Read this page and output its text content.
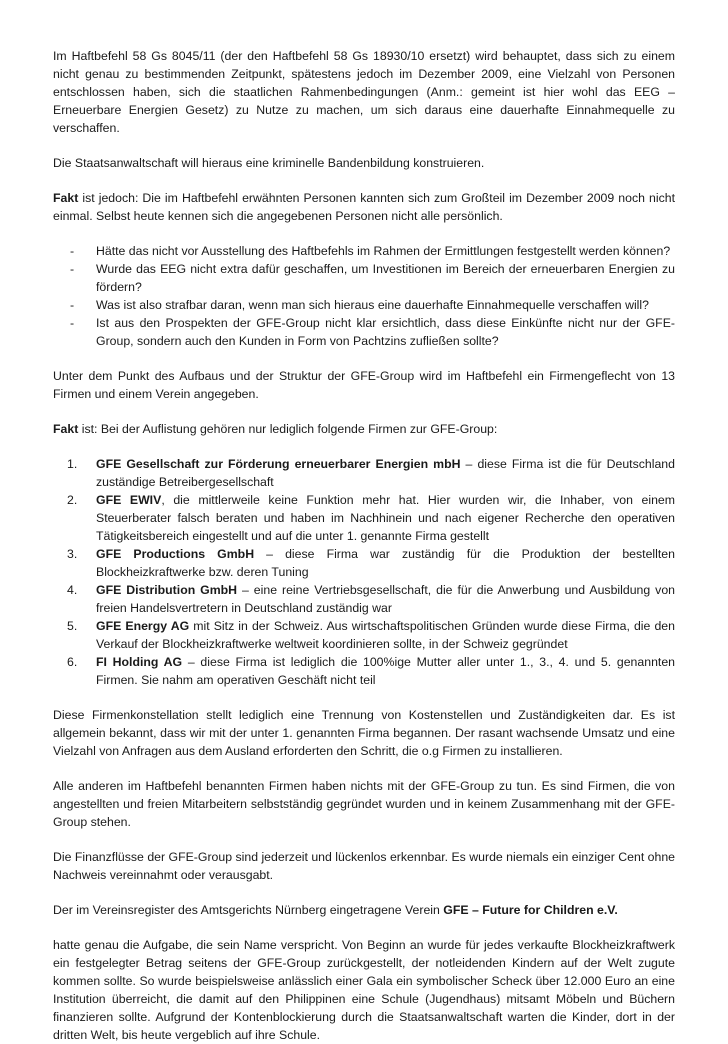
Im Haftbefehl 58 Gs 8045/11 (der den Haftbefehl 58 Gs 18930/10 ersetzt) wird behauptet, dass sich zu einem nicht genau zu bestimmenden Zeitpunkt, spätestens jedoch im Dezember 2009, eine Vielzahl von Personen entschlossen haben, sich die staatlichen Rahmenbedingungen (Anm.: gemeint ist hier wohl das EEG – Erneuerbare Energien Gesetz) zu Nutze zu machen, um sich daraus eine dauerhafte Einnahmequelle zu verschaffen.

Die Staatsanwaltschaft will hieraus eine kriminelle Bandenbildung konstruieren.

Fakt ist jedoch: Die im Haftbefehl erwähnten Personen kannten sich zum Großteil im Dezember 2009 noch nicht einmal. Selbst heute kennen sich die angegebenen Personen nicht alle persönlich.

- Hätte das nicht vor Ausstellung des Haftbefehls im Rahmen der Ermittlungen festgestellt werden können?
- Wurde das EEG nicht extra dafür geschaffen, um Investitionen im Bereich der erneuerbaren Energien zu fördern?
- Was ist also strafbar daran, wenn man sich hieraus eine dauerhafte Einnahmequelle verschaffen will?
- Ist aus den Prospekten der GFE-Group nicht klar ersichtlich, dass diese Einkünfte nicht nur der GFE-Group, sondern auch den Kunden in Form von Pachtzins zufließen sollte?

Unter dem Punkt des Aufbaus und der Struktur der GFE-Group wird im Haftbefehl ein Firmengeflecht von 13 Firmen und einem Verein angegeben.

Fakt ist: Bei der Auflistung gehören nur lediglich folgende Firmen zur GFE-Group:

1. GFE Gesellschaft zur Förderung erneuerbarer Energien mbH – diese Firma ist die für Deutschland zuständige Betreibergesellschaft
2. GFE EWIV, die mittlerweile keine Funktion mehr hat. Hier wurden wir, die Inhaber, von einem Steuerberater falsch beraten und haben im Nachhinein und nach eigener Recherche den operativen Tätigkeitsbereich eingestellt und auf die unter 1. genannte Firma gestellt
3. GFE Productions GmbH – diese Firma war zuständig für die Produktion der bestellten Blockheizkraftwerke bzw. deren Tuning
4. GFE Distribution GmbH – eine reine Vertriebsgesellschaft, die für die Anwerbung und Ausbildung von freien Handelsvertretern in Deutschland zuständig war
5. GFE Energy AG mit Sitz in der Schweiz. Aus wirtschaftspolitischen Gründen wurde diese Firma, die den Verkauf der Blockheizkraftwerke weltweit koordinieren sollte, in der Schweiz gegründet
6. FI Holding AG – diese Firma ist lediglich die 100%ige Mutter aller unter 1., 3., 4. und 5. genannten Firmen. Sie nahm am operativen Geschäft nicht teil

Diese Firmenkonstellation stellt lediglich eine Trennung von Kostenstellen und Zuständigkeiten dar. Es ist allgemein bekannt, dass wir mit der unter 1. genannten Firma begannen. Der rasant wachsende Umsatz und eine Vielzahl von Anfragen aus dem Ausland erforderten den Schritt, die o.g Firmen zu installieren.

Alle anderen im Haftbefehl benannten Firmen haben nichts mit der GFE-Group zu tun. Es sind Firmen, die von angestellten und freien Mitarbeitern selbstständig gegründet wurden und in keinem Zusammenhang mit der GFE-Group stehen.

Die Finanzflüsse der GFE-Group sind jederzeit und lückenlos erkennbar. Es wurde niemals ein einziger Cent ohne Nachweis vereinnahmt oder verausgabt.

Der im Vereinsregister des Amtsgerichts Nürnberg eingetragene Verein GFE – Future for Children e.V.

hatte genau die Aufgabe, die sein Name verspricht. Von Beginn an wurde für jedes verkaufte Blockheizkraftwerk ein festgelegter Betrag seitens der GFE-Group zurückgestellt, der notleidenden Kindern auf der Welt zugute kommen sollte. So wurde beispielsweise anlässlich einer Gala ein symbolischer Scheck über 12.000 Euro an eine Institution überreicht, die damit auf den Philippinen eine Schule (Jugendhaus) mitsamt Möbeln und Büchern finanzieren sollte. Aufgrund der Kontenblockierung durch die Staatsanwaltschaft warten die Kinder, dort in der dritten Welt, bis heute vergeblich auf ihre Schule.
